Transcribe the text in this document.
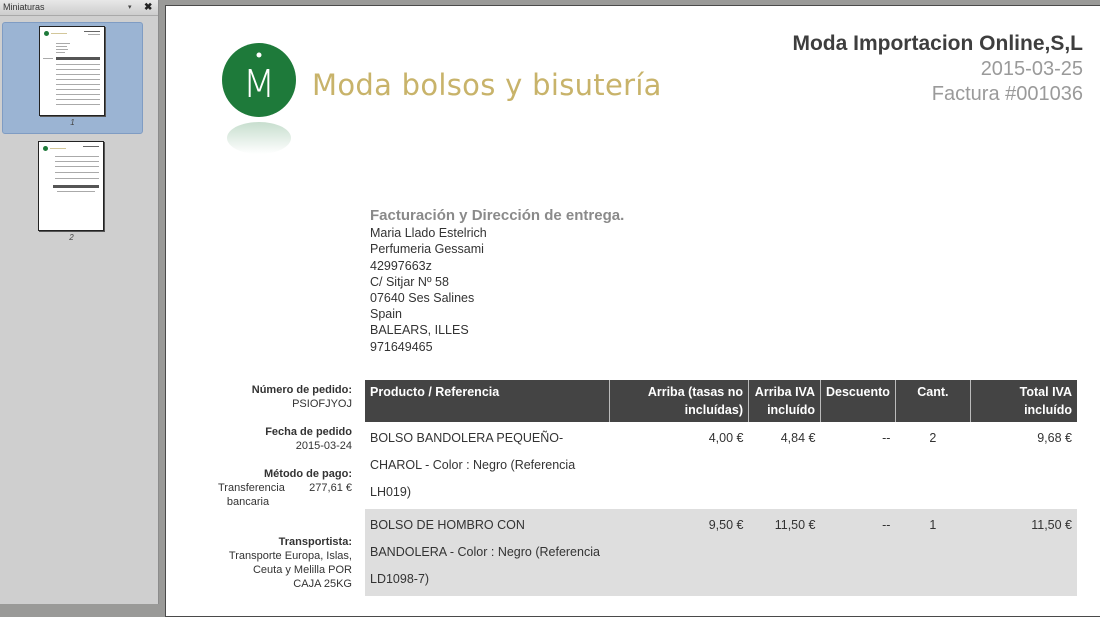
Miniaturas	▾ ✖
1
2
M Moda bolsos y bisutería
Moda Importacion Online,S,L
2015-03-25
Factura #001036
Facturación y Dirección de entrega.
Maria Llado Estelrich
Perfumeria Gessami
42997663z
C/ Sitjar Nº 58
07640 Ses Salines
Spain
BALEARS, ILLES
971649465
Número de pedido:
PSIOFJYOJ
Fecha de pedido
2015-03-24
Método de pago:
Transferencia bancaria
277,61 €
Transportista:
Transporte Europa, Islas, Ceuta y Melilla POR CAJA 25KG
Producto / Referencia	Arriba (tasas no incluídas)	Arriba IVA incluído	Descuento	Cant.	Total IVA incluído
BOLSO BANDOLERA PEQUEÑO-CHAROL - Color : Negro (Referencia LH019)	4,00 €	4,84 €	--	2	9,68 €
BOLSO DE HOMBRO CON BANDOLERA - Color : Negro (Referencia LD1098-7)	9,50 €	11,50 €	--	1	11,50 €
